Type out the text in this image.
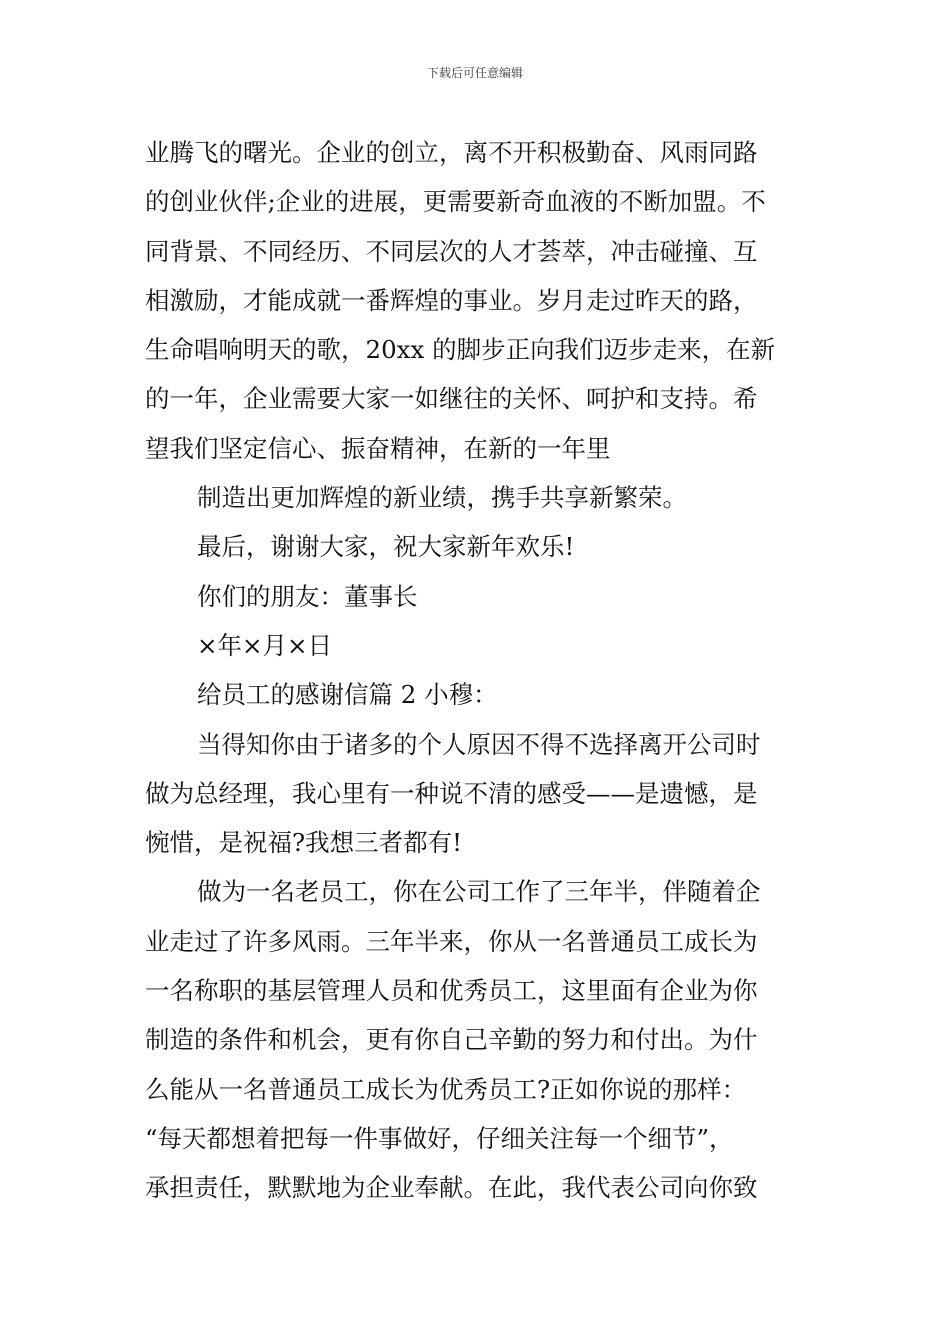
下载后可任意编辑
业腾飞的曙光。企业的创立，离不开积极勤奋、风雨同路
的创业伙伴;企业的进展，更需要新奇血液的不断加盟。不
同背景、不同经历、不同层次的人才荟萃，冲击碰撞、互
相激励，才能成就一番辉煌的事业。岁月走过昨天的路，
生命唱响明天的歌，20xx 的脚步正向我们迈步走来，在新
的一年，企业需要大家一如继往的关怀、呵护和支持。希
望我们坚定信心、振奋精神，在新的一年里
制造出更加辉煌的新业绩，携手共享新繁荣。
最后，谢谢大家，祝大家新年欢乐!
你们的朋友：董事长
×年×月×日
给员工的感谢信篇 2 小穆：
当得知你由于诸多的个人原因不得不选择离开公司时
做为总经理，我心里有一种说不清的感受——是遗憾，是
惋惜，是祝福?我想三者都有!
做为一名老员工，你在公司工作了三年半，伴随着企
业走过了许多风雨。三年半来，你从一名普通员工成长为
一名称职的基层管理人员和优秀员工，这里面有企业为你
制造的条件和机会，更有你自己辛勤的努力和付出。为什
么能从一名普通员工成长为优秀员工?正如你说的那样：
“每天都想着把每一件事做好，仔细关注每一个细节”，
承担责任，默默地为企业奉献。在此，我代表公司向你致
